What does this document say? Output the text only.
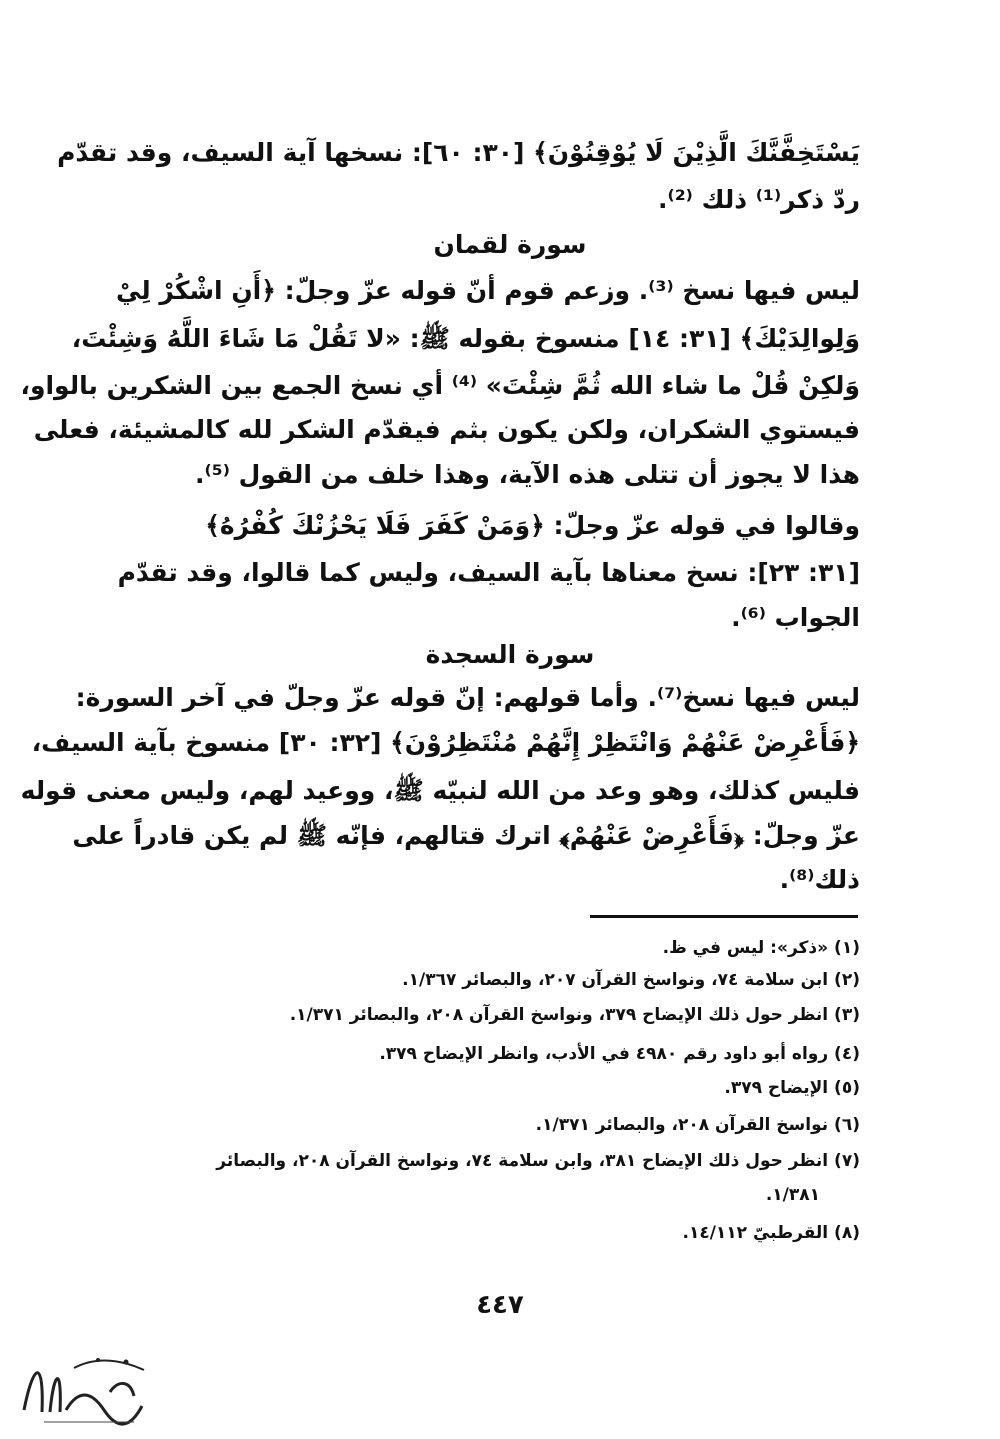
يَسْتَخِفَّنَّكَ الَّذِيْنَ لَا يُوْقِنُوْنَ﴾ [٣٠: ٦٠]: نسخها آية السيف، وقد تقدّم
ردّ ذكر⁽¹⁾ ذلك ⁽²⁾.
سورة لقمان
ليس فيها نسخ ⁽³⁾. وزعم قوم أنّ قوله عزّ وجلّ: ﴿أَنِ اشْكُرْ لِيْ
وَلِوالِدَيْكَ﴾ [٣١: ١٤] منسوخ بقوله ﷺ: «لا تَقُلْ مَا شَاءَ اللَّهُ وَشِئْتَ،
وَلكِنْ قُلْ ما شاء الله ثُمَّ شِئْتَ» ⁽⁴⁾ أي نسخ الجمع بين الشكرين بالواو،
فيستوي الشكران، ولكن يكون بثم فيقدّم الشكر لله كالمشيئة، فعلى
هذا لا يجوز أن تتلى هذه الآية، وهذا خلف من القول ⁽⁵⁾.
وقالوا في قوله عزّ وجلّ: ﴿وَمَنْ كَفَرَ فَلَا يَحْزُنْكَ كُفْرُهُ﴾
[٣١: ٢٣]: نسخ معناها بآية السيف، وليس كما قالوا، وقد تقدّم
الجواب ⁽⁶⁾.
سورة السجدة
ليس فيها نسخ⁽⁷⁾. وأما قولهم: إنّ قوله عزّ وجلّ في آخر السورة:
﴿فَأَعْرِضْ عَنْهُمْ وَانْتَظِرْ إِنَّهُمْ مُنْتَظِرُوْنَ﴾ [٣٢: ٣٠] منسوخ بآية السيف،
فليس كذلك، وهو وعد من الله لنبيّه ﷺ، ووعيد لهم، وليس معنى قوله
عزّ وجلّ: ﴿فَأَعْرِضْ عَنْهُمْ﴾ اترك قتالهم، فإنّه ﷺ لم يكن قادراً على
ذلك⁽⁸⁾.
(١) «ذكر»: ليس في ظ.
(٢) ابن سلامة ٧٤، ونواسخ القرآن ٢٠٧، والبصائر ١/٣٦٧.
(٣) انظر حول ذلك الإيضاح ٣٧٩، ونواسخ القرآن ٢٠٨، والبصائر ١/٣٧١.
(٤) رواه أبو داود رقم ٤٩٨٠ في الأدب، وانظر الإيضاح ٣٧٩.
(٥) الإيضاح ٣٧٩.
(٦) نواسخ القرآن ٢٠٨، والبصائر ١/٣٧١.
(٧) انظر حول ذلك الإيضاح ٣٨١، وابن سلامة ٧٤، ونواسخ القرآن ٢٠٨، والبصائر
١/٣٨١.
(٨) القرطبيّ ١٤/١١٢.
٤٤٧
